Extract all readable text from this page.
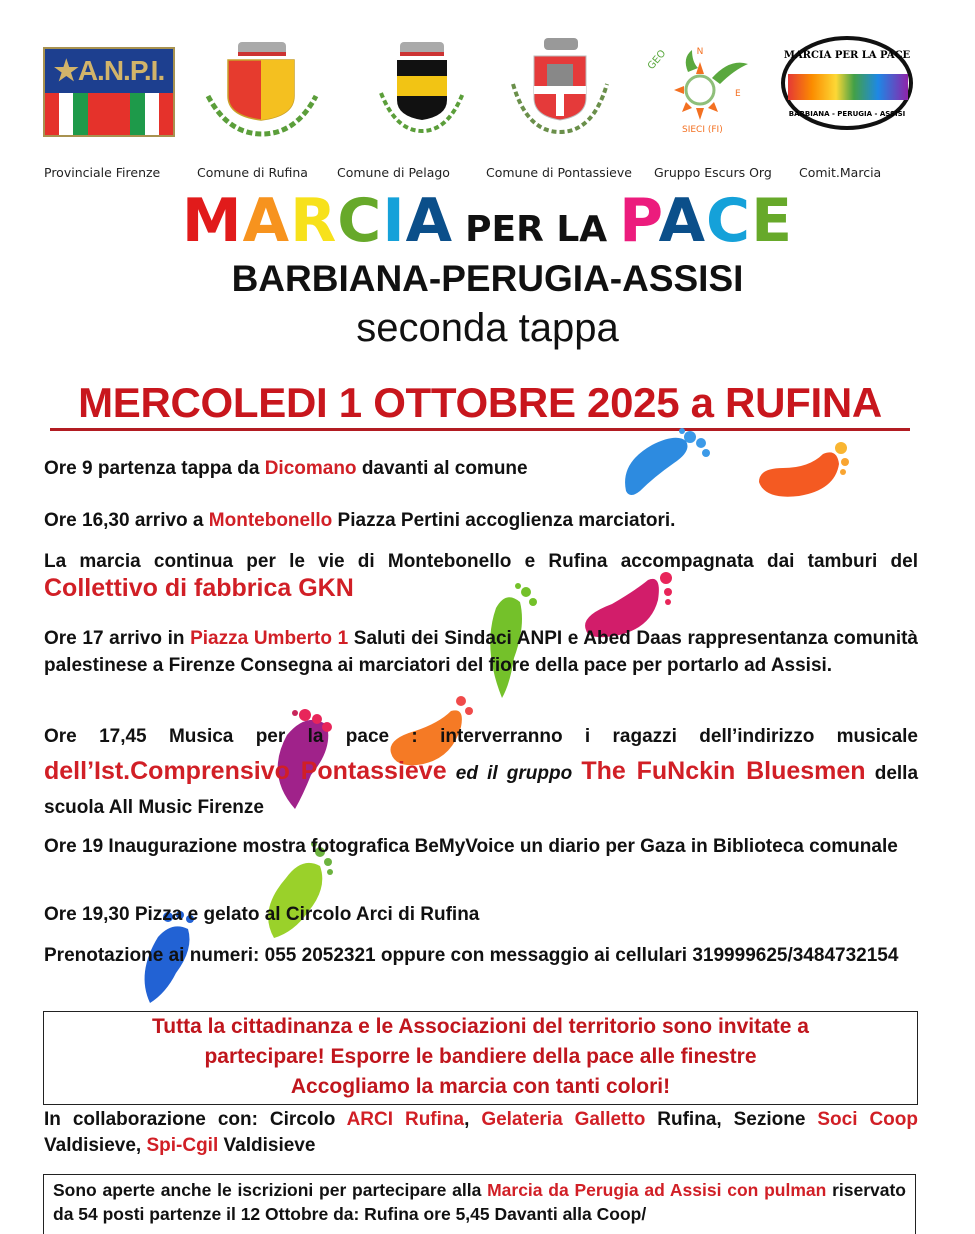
★A.N.P.I.
N
E
GEO
SIECI (FI)
MARCIA PER LA PACE
BARBIANA - PERUGIA - ASSISI
Provinciale Firenze	Comune di Rufina Comune di Pelago	Comune di Pontassieve Gruppo Escurs Org Comit.Marcia
MARCIA PER LA PACE
BARBIANA-PERUGIA-ASSISI
seconda tappa
MERCOLEDI 1 OTTOBRE 2025 a RUFINA
Ore 9 partenza tappa da Dicomano davanti al comune
Ore 16,30 arrivo a Montebonello Piazza Pertini accoglienza marciatori.
La marcia continua per le vie di Montebonello e Rufina accompagnata dai tamburi del Collettivo di fabbrica GKN
Ore 17 arrivo in Piazza Umberto 1 Saluti dei Sindaci ANPI e Abed Daas rappresentanza comunità palestinese a Firenze Consegna ai marciatori del fiore della pace per portarlo ad Assisi.
Ore 17,45 Musica per la pace : interverranno i ragazzi dell’indirizzo musicale dell’Ist.Comprensivo Pontassieve ed il gruppo The FuNckin Bluesmen della scuola All Music Firenze
Ore 19 Inaugurazione mostra fotografica BeMyVoice un diario per Gaza in Biblioteca comunale
Ore 19,30 Pizza e gelato al Circolo Arci di Rufina
Prenotazione ai numeri: 055 2052321 oppure con messaggio ai cellulari 319999625/3484732154
Tutta la cittadinanza e le Associazioni del territorio sono invitate a
partecipare! Esporre le bandiere della pace alle finestre
Accogliamo la marcia con tanti colori!
In collaborazione con: Circolo ARCI Rufina, Gelateria Galletto Rufina, Sezione Soci Coop Valdisieve, Spi-Cgil Valdisieve
Sono aperte anche le iscrizioni per partecipare alla Marcia da Perugia ad Assisi con pulman riservato da 54 posti partenze il 12 Ottobre da: Rufina ore 5,45 Davanti alla Coop/
